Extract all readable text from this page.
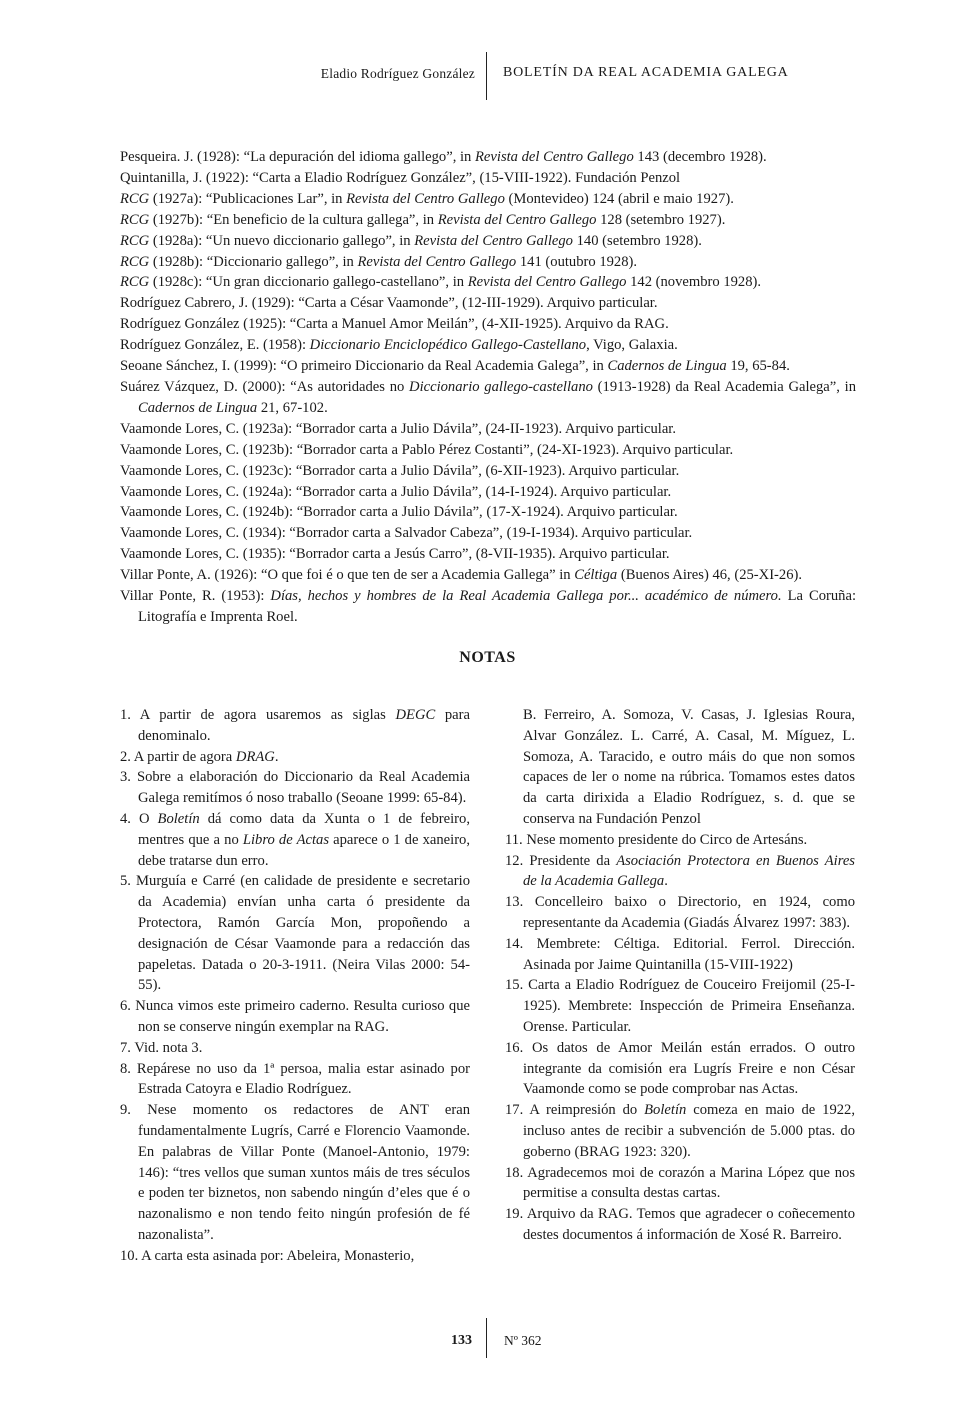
Eladio Rodríguez González BOLETÍN DA REAL ACADEMIA GALEGA

Pesqueira. J. (1928): “La depuración del idioma gallego”, in Revista del Centro Gallego 143 (decembro 1928).

Quintanilla, J. (1922): “Carta a Eladio Rodríguez González”, (15-VIII-1922). Fundación Penzol

RCG (1927a): “Publicaciones Lar”, in Revista del Centro Gallego (Montevideo) 124 (abril e maio 1927).

RCG (1927b): “En beneficio de la cultura gallega”, in Revista del Centro Gallego 128 (setembro 1927).

RCG (1928a): “Un nuevo diccionario gallego”, in Revista del Centro Gallego 140 (setembro 1928).

RCG (1928b): “Diccionario gallego”, in Revista del Centro Gallego 141 (outubro 1928).

RCG (1928c): “Un gran diccionario gallego-castellano”, in Revista del Centro Gallego 142 (novembro 1928).

Rodríguez Cabrero, J. (1929): “Carta a César Vaamonde”, (12-III-1929). Arquivo particular.

Rodríguez González (1925): “Carta a Manuel Amor Meilán”, (4-XII-1925). Arquivo da RAG.

Rodríguez González, E. (1958): Diccionario Enciclopédico Gallego-Castellano, Vigo, Galaxia.

Seoane Sánchez, I. (1999): “O primeiro Diccionario da Real Academia Galega”, in Cadernos de Lingua 19, 65-84.

Suárez Vázquez, D. (2000): “As autoridades no Diccionario gallego-castellano (1913-1928) da Real Academia Galega”, in Cadernos de Lingua 21, 67-102.

Vaamonde Lores, C. (1923a): “Borrador carta a Julio Dávila”, (24-II-1923). Arquivo particular.

Vaamonde Lores, C. (1923b): “Borrador carta a Pablo Pérez Costanti”, (24-XI-1923). Arquivo particular.

Vaamonde Lores, C. (1923c): “Borrador carta a Julio Dávila”, (6-XII-1923). Arquivo particular.

Vaamonde Lores, C. (1924a): “Borrador carta a Julio Dávila”, (14-I-1924). Arquivo particular.

Vaamonde Lores, C. (1924b): “Borrador carta a Julio Dávila”, (17-X-1924). Arquivo particular.

Vaamonde Lores, C. (1934): “Borrador carta a Salvador Cabeza”, (19-I-1934). Arquivo particular.

Vaamonde Lores, C. (1935): “Borrador carta a Jesús Carro”, (8-VII-1935). Arquivo particular.

Villar Ponte, A. (1926): “O que foi é o que ten de ser a Academia Gallega” in Céltiga (Buenos Aires) 46, (25-XI-26).

Villar Ponte, R. (1953): Días, hechos y hombres de la Real Academia Gallega por... académico de número. La Coruña: Litografía e Imprenta Roel.

NOTAS

1. A partir de agora usaremos as siglas DEGC para denominalo.

2. A partir de agora DRAG.

3. Sobre a elaboración do Diccionario da Real Academia Galega remitímos ó noso traballo (Seoane 1999: 65-84).

4. O Boletín dá como data da Xunta o 1 de febreiro, mentres que a no Libro de Actas aparece o 1 de xaneiro, debe tratarse dun erro.

5. Murguía e Carré (en calidade de presidente e secretario da Academia) envían unha carta ó presidente da Protectora, Ramón García Mon, propoñendo a designación de César Vaamonde para a redacción das papeletas. Datada o 20-3-1911. (Neira Vilas 2000: 54-55).

6. Nunca vimos este primeiro caderno. Resulta curioso que non se conserve ningún exemplar na RAG.

7. Vid. nota 3.

8. Repárese no uso da 1ª persoa, malia estar asinado por Estrada Catoyra e Eladio Rodríguez.

9. Nese momento os redactores de ANT eran fundamentalmente Lugrís, Carré e Florencio Vaamonde. En palabras de Villar Ponte (Manoel-Antonio, 1979: 146): “tres vellos que suman xuntos máis de tres séculos e poden ter biznetos, non sabendo ningún d’eles que é o nazonalismo e non tendo feito ningún profesión de fé nazonalista”.

10. A carta esta asinada por: Abeleira, Monasterio,

B. Ferreiro, A. Somoza, V. Casas, J. Iglesias Roura, Alvar González. L. Carré, A. Casal, M. Míguez, L. Somoza, A. Taracido, e outro máis do que non somos capaces de ler o nome na rúbrica. Tomamos estes datos da carta dirixida a Eladio Rodríguez, s. d. que se conserva na Fundación Penzol

11. Nese momento presidente do Circo de Artesáns.

12. Presidente da Asociación Protectora en Buenos Aires de la Academia Gallega.

13. Concelleiro baixo o Directorio, en 1924, como representante da Academia (Giadás Álvarez 1997: 383).

14. Membrete: Céltiga. Editorial. Ferrol. Dirección. Asinada por Jaime Quintanilla (15-VIII-1922)

15. Carta a Eladio Rodríguez de Couceiro Freijomil (25-I-1925). Membrete: Inspección de Primeira Enseñanza. Orense. Particular.

16. Os datos de Amor Meilán están errados. O outro integrante da comisión era Lugrís Freire e non César Vaamonde como se pode comprobar nas Actas.

17. A reimpresión do Boletín comeza en maio de 1922, incluso antes de recibir a subvención de 5.000 ptas. do goberno (BRAG 1923: 320).

18. Agradecemos moi de corazón a Marina López que nos permitise a consulta destas cartas.

19. Arquivo da RAG. Temos que agradecer o coñecemento destes documentos á información de Xosé R. Barreiro.

133 Nº 362
